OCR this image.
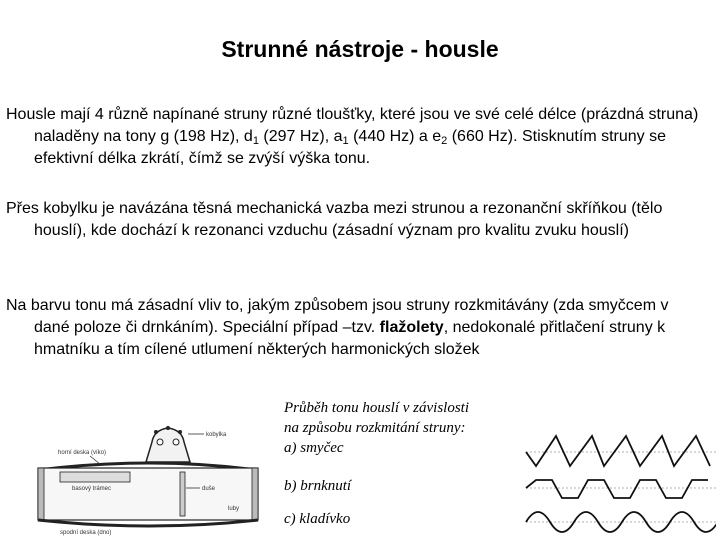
Strunné nástroje - housle
Housle mají 4 různě napínané struny různé tloušťky, které jsou ve své celé délce (prázdná struna) naladěny na tony g (198 Hz), $d_1$ (297 Hz), $a_1$ (440 Hz) a $e_2$ (660 Hz). Stisknutím struny se efektivní délka zkrátí, čímž se zvýší výška tonu.
Přes kobylku je navázána těsná mechanická vazba mezi strunou a rezonanční skříňkou (tělo houslí), kde dochází k rezonanci vzduchu (zásadní význam pro kvalitu zvuku houslí)
Na barvu tonu má zásadní vliv to, jakým způsobem jsou struny rozkmitávány (zda smyčcem v dané poloze či drnkáním). Speciální případ –tzv. flažolety, nedokonalé přitlačení struny k hmatníku a tím cílené utlumení některých harmonických složek
kobylka
horní deska (víko)
basový trámec	duše
luby
spodní deska (dno)
Průběh tonu houslí v závislosti
na způsobu rozkmitání struny:
a) smyčec
b) brnknutí
c) kladívko
